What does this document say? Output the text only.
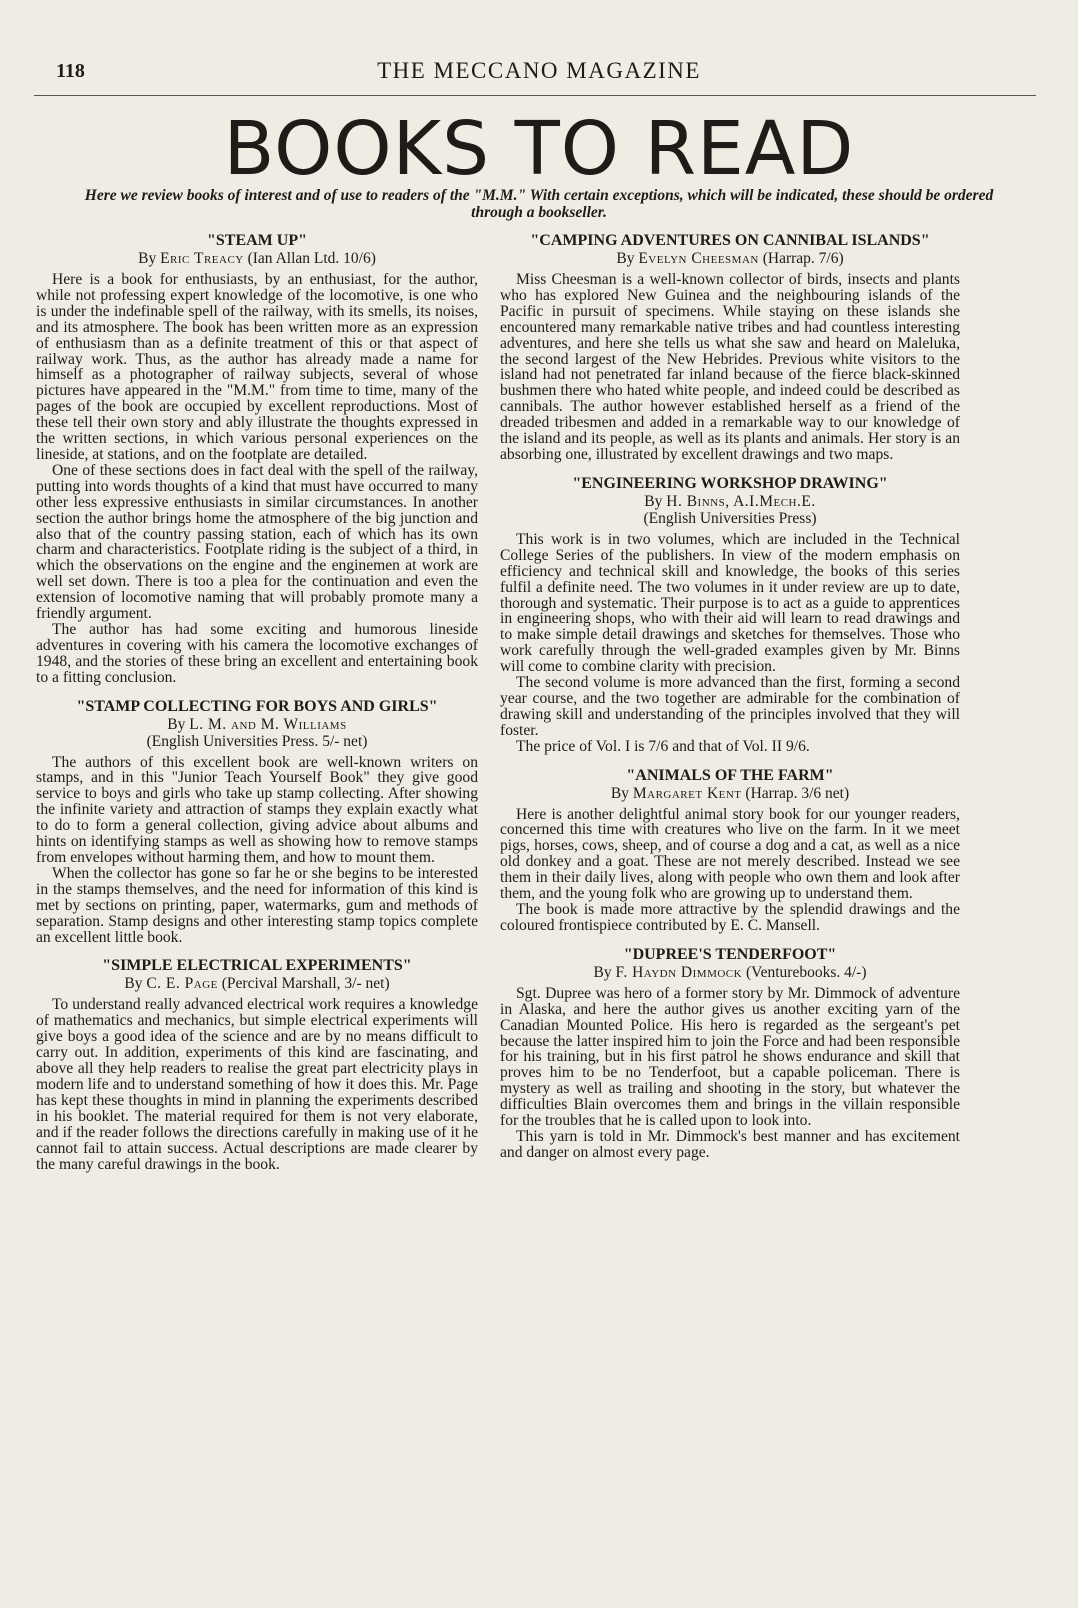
118	THE MECCANO MAGAZINE
BOOKS TO READ
Here we review books of interest and of use to readers of the "M.M." With certain exceptions, which will be indicated, these should be ordered through a bookseller.

"STEAM UP"

By Eric Treacy (Ian Allan Ltd. 10/6)

Here is a book for enthusiasts, by an enthusiast, for the author, while not professing expert knowledge of the locomotive, is one who is under the indefinable spell of the railway, with its smells, its noises, and its atmosphere. The book has been written more as an expression of enthusiasm than as a definite treatment of this or that aspect of railway work. Thus, as the author has already made a name for himself as a photographer of railway subjects, several of whose pictures have appeared in the "M.M." from time to time, many of the pages of the book are occupied by excellent reproductions. Most of these tell their own story and ably illustrate the thoughts expressed in the written sections, in which various personal experiences on the lineside, at stations, and on the footplate are detailed.

One of these sections does in fact deal with the spell of the railway, putting into words thoughts of a kind that must have occurred to many other less expressive enthusiasts in similar circumstances. In another section the author brings home the atmosphere of the big junction and also that of the country passing station, each of which has its own charm and characteristics. Footplate riding is the subject of a third, in which the observations on the engine and the enginemen at work are well set down. There is too a plea for the continuation and even the extension of locomotive naming that will probably promote many a friendly argument.

The author has had some exciting and humorous lineside adventures in covering with his camera the locomotive exchanges of 1948, and the stories of these bring an excellent and entertaining book to a fitting conclusion.

"STAMP COLLECTING FOR BOYS AND GIRLS"

By L. M. and M. Williams

(English Universities Press. 5/- net)

The authors of this excellent book are well-known writers on stamps, and in this "Junior Teach Yourself Book" they give good service to boys and girls who take up stamp collecting. After showing the infinite variety and attraction of stamps they explain exactly what to do to form a general collection, giving advice about albums and hints on identifying stamps as well as showing how to remove stamps from envelopes without harming them, and how to mount them.

When the collector has gone so far he or she begins to be interested in the stamps themselves, and the need for information of this kind is met by sections on printing, paper, watermarks, gum and methods of separation. Stamp designs and other interesting stamp topics complete an excellent little book.

"SIMPLE ELECTRICAL EXPERIMENTS"

By C. E. Page (Percival Marshall, 3/- net)

To understand really advanced electrical work requires a knowledge of mathematics and mechanics, but simple electrical experiments will give boys a good idea of the science and are by no means difficult to carry out. In addition, experiments of this kind are fascinating, and above all they help readers to realise the great part electricity plays in modern life and to understand something of how it does this. Mr. Page has kept these thoughts in mind in planning the experiments described in his booklet. The material required for them is not very elaborate, and if the reader follows the directions carefully in making use of it he cannot fail to attain success. Actual descriptions are made clearer by the many careful drawings in the book.

"CAMPING ADVENTURES ON CANNIBAL ISLANDS"

By Evelyn Cheesman (Harrap. 7/6)

Miss Cheesman is a well-known collector of birds, insects and plants who has explored New Guinea and the neighbouring islands of the Pacific in pursuit of specimens. While staying on these islands she encountered many remarkable native tribes and had countless interesting adventures, and here she tells us what she saw and heard on Maleluka, the second largest of the New Hebrides. Previous white visitors to the island had not penetrated far inland because of the fierce black-skinned bushmen there who hated white people, and indeed could be described as cannibals. The author however established herself as a friend of the dreaded tribesmen and added in a remarkable way to our knowledge of the island and its people, as well as its plants and animals. Her story is an absorbing one, illustrated by excellent drawings and two maps.

"ENGINEERING WORKSHOP DRAWING"

By H. Binns, A.I.Mech.E.

(English Universities Press)

This work is in two volumes, which are included in the Technical College Series of the publishers. In view of the modern emphasis on efficiency and technical skill and knowledge, the books of this series fulfil a definite need. The two volumes in it under review are up to date, thorough and systematic. Their purpose is to act as a guide to apprentices in engineering shops, who with their aid will learn to read drawings and to make simple detail drawings and sketches for themselves. Those who work carefully through the well-graded examples given by Mr. Binns will come to combine clarity with precision.

The second volume is more advanced than the first, forming a second year course, and the two together are admirable for the combination of drawing skill and understanding of the principles involved that they will foster.

The price of Vol. I is 7/6 and that of Vol. II 9/6.

"ANIMALS OF THE FARM"

By Margaret Kent (Harrap. 3/6 net)

Here is another delightful animal story book for our younger readers, concerned this time with creatures who live on the farm. In it we meet pigs, horses, cows, sheep, and of course a dog and a cat, as well as a nice old donkey and a goat. These are not merely described. Instead we see them in their daily lives, along with people who own them and look after them, and the young folk who are growing up to understand them.

The book is made more attractive by the splendid drawings and the coloured frontispiece contributed by E. C. Mansell.

"DUPREE'S TENDERFOOT"

By F. Haydn Dimmock (Venturebooks. 4/-)

Sgt. Dupree was hero of a former story by Mr. Dimmock of adventure in Alaska, and here the author gives us another exciting yarn of the Canadian Mounted Police. His hero is regarded as the sergeant's pet because the latter inspired him to join the Force and had been responsible for his training, but in his first patrol he shows endurance and skill that proves him to be no Tenderfoot, but a capable policeman. There is mystery as well as trailing and shooting in the story, but whatever the difficulties Blain overcomes them and brings in the villain responsible for the troubles that he is called upon to look into.

This yarn is told in Mr. Dimmock's best manner and has excitement and danger on almost every page.
